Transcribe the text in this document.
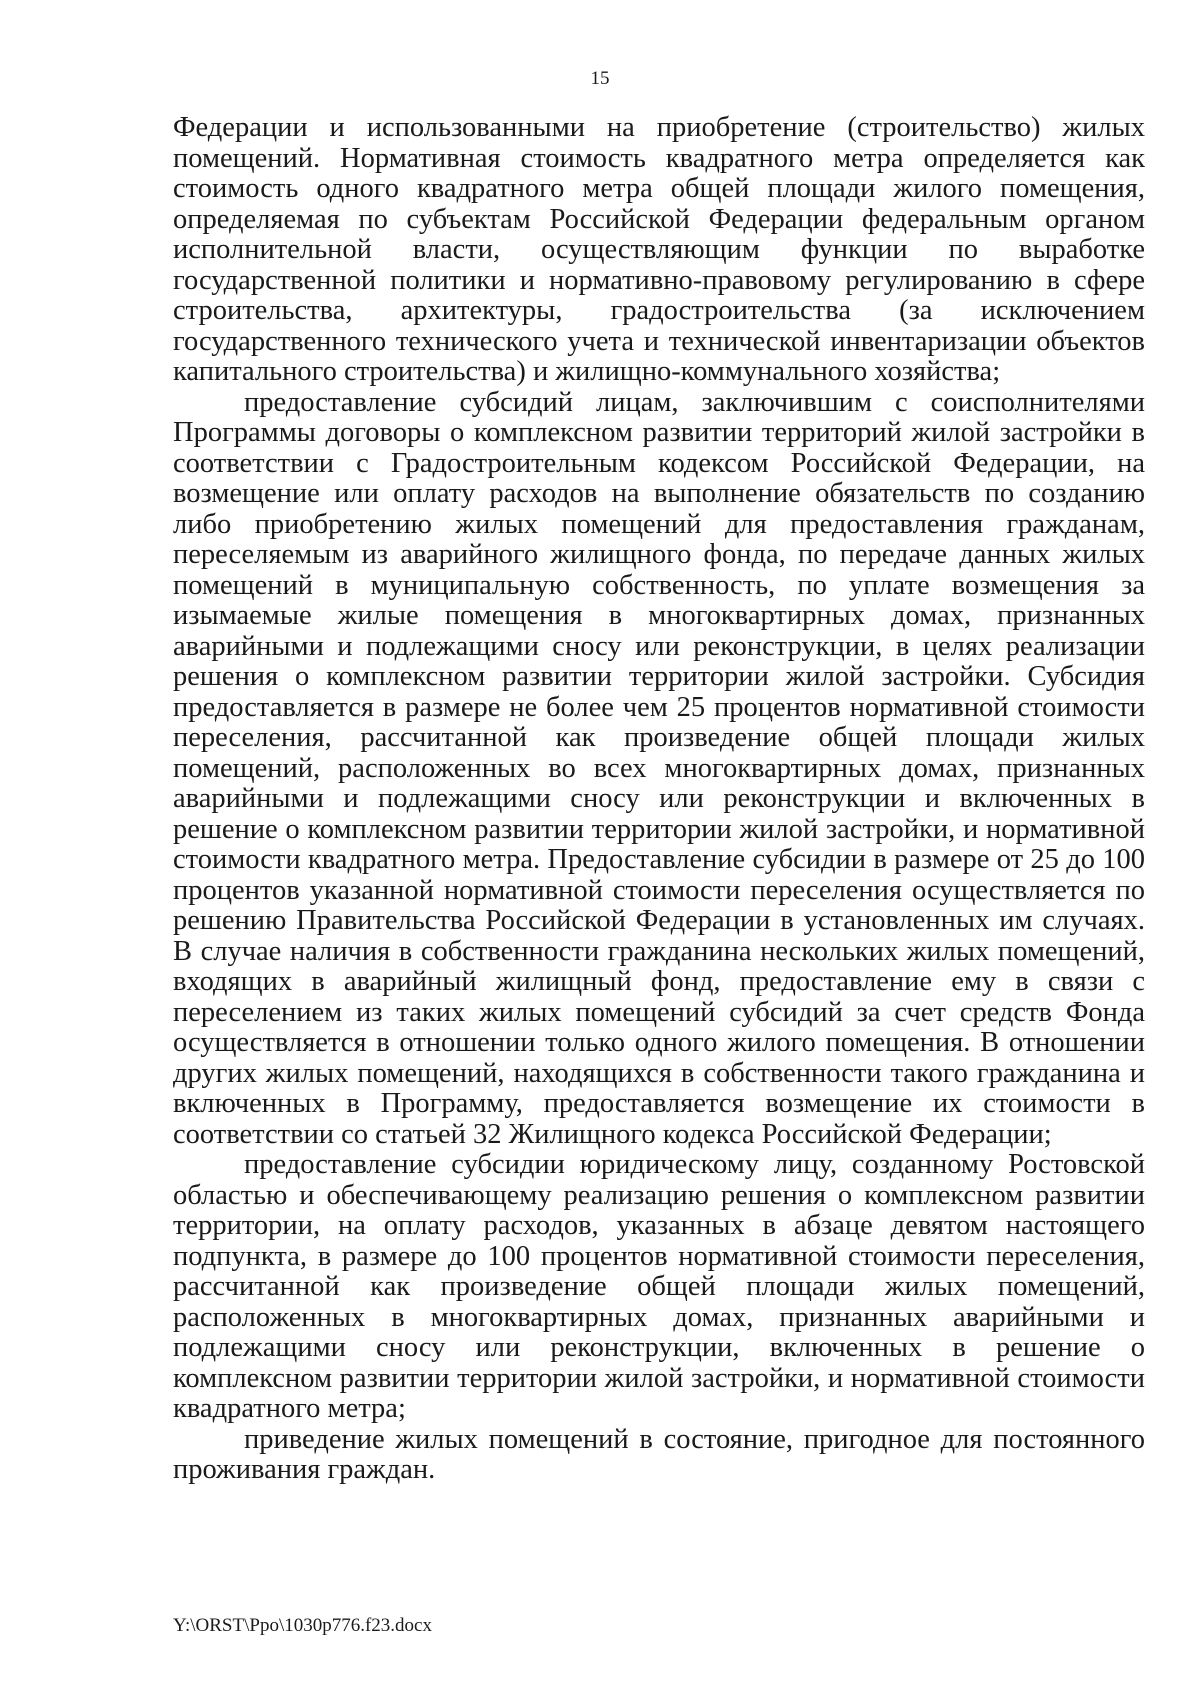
15

Федерации и использованными на приобретение (строительство) жилых помещений. Нормативная стоимость квадратного метра определяется как стоимость одного квадратного метра общей площади жилого помещения, определяемая по субъектам Российской Федерации федеральным органом исполнительной власти, осуществляющим функции по выработке государственной политики и нормативно-правовому регулированию в сфере строительства, архитектуры, градостроительства (за исключением государственного технического учета и технической инвентаризации объектов капитального строительства) и жилищно-коммунального хозяйства;

предоставление субсидий лицам, заключившим с соисполнителями Программы договоры о комплексном развитии территорий жилой застройки в соответствии с Градостроительным кодексом Российской Федерации, на возмещение или оплату расходов на выполнение обязательств по созданию либо приобретению жилых помещений для предоставления гражданам, переселяемым из аварийного жилищного фонда, по передаче данных жилых помещений в муниципальную собственность, по уплате возмещения за изымаемые жилые помещения в многоквартирных домах, признанных аварийными и подлежащими сносу или реконструкции, в целях реализации решения о комплексном развитии территории жилой застройки. Субсидия предоставляется в размере не более чем 25 процентов нормативной стоимости переселения, рассчитанной как произведение общей площади жилых помещений, расположенных во всех многоквартирных домах, признанных аварийными и подлежащими сносу или реконструкции и включенных в решение о комплексном развитии территории жилой застройки, и нормативной стоимости квадратного метра. Предоставление субсидии в размере от 25 до 100 процентов указанной нормативной стоимости переселения осуществляется по решению Правительства Российской Федерации в установленных им случаях. В случае наличия в собственности гражданина нескольких жилых помещений, входящих в аварийный жилищный фонд, предоставление ему в связи с переселением из таких жилых помещений субсидий за счет средств Фонда осуществляется в отношении только одного жилого помещения. В отношении других жилых помещений, находящихся в собственности такого гражданина и включенных в Программу, предоставляется возмещение их стоимости в соответствии со статьей 32 Жилищного кодекса Российской Федерации;

предоставление субсидии юридическому лицу, созданному Ростовской областью и обеспечивающему реализацию решения о комплексном развитии территории, на оплату расходов, указанных в абзаце девятом настоящего подпункта, в размере до 100 процентов нормативной стоимости переселения, рассчитанной как произведение общей площади жилых помещений, расположенных в многоквартирных домах, признанных аварийными и подлежащими сносу или реконструкции, включенных в решение о комплексном развитии территории жилой застройки, и нормативной стоимости квадратного метра;

приведение жилых помещений в состояние, пригодное для постоянного проживания граждан.

Y:\ORST\Ppo\1030p776.f23.docx
